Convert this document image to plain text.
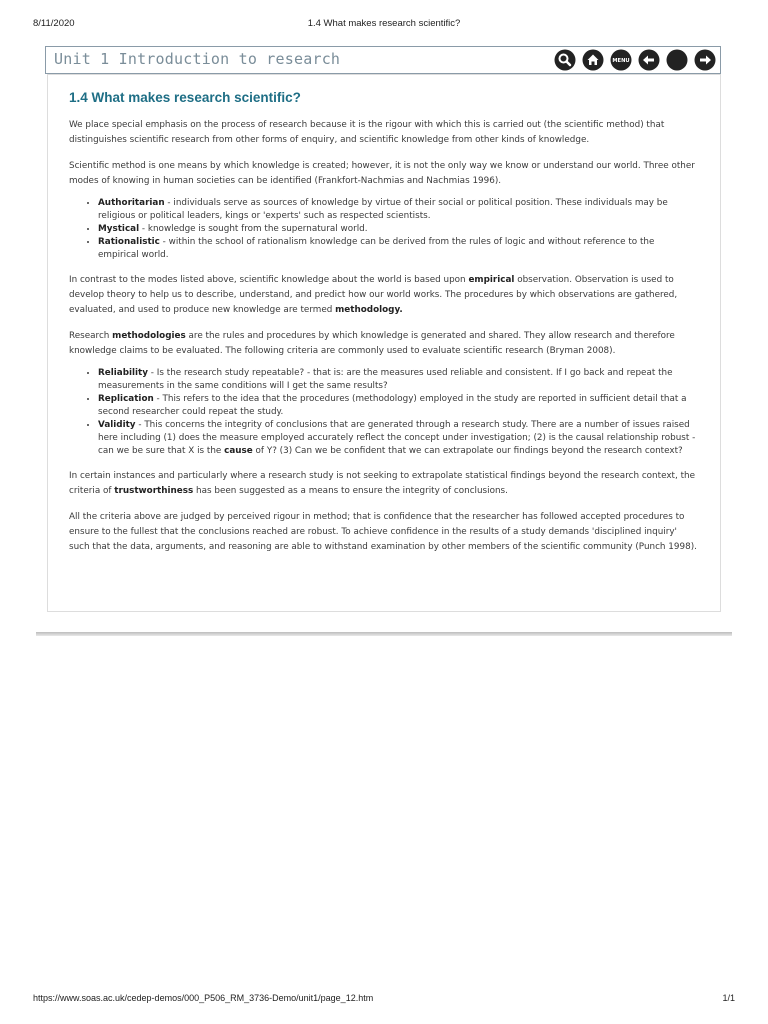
8/11/2020	1.4 What makes research scientific?
Unit 1 Introduction to research	MENU
1.4 What makes research scientific?

We place special emphasis on the process of research because it is the rigour with which this is carried out (the scientific method) that distinguishes scientific research from other forms of enquiry, and scientific knowledge from other kinds of knowledge.

Scientific method is one means by which knowledge is created; however, it is not the only way we know or understand our world. Three other modes of knowing in human societies can be identified (Frankfort-Nachmias and Nachmias 1996).

• Authoritarian - individuals serve as sources of knowledge by virtue of their social or political position. These individuals may be religious or political leaders, kings or 'experts' such as respected scientists.
• Mystical - knowledge is sought from the supernatural world.
• Rationalistic - within the school of rationalism knowledge can be derived from the rules of logic and without reference to the empirical world.

In contrast to the modes listed above, scientific knowledge about the world is based upon empirical observation. Observation is used to develop theory to help us to describe, understand, and predict how our world works. The procedures by which observations are gathered, evaluated, and used to produce new knowledge are termed methodology.

Research methodologies are the rules and procedures by which knowledge is generated and shared. They allow research and therefore knowledge claims to be evaluated. The following criteria are commonly used to evaluate scientific research (Bryman 2008).

• Reliability - Is the research study repeatable? - that is: are the measures used reliable and consistent. If I go back and repeat the measurements in the same conditions will I get the same results?
• Replication - This refers to the idea that the procedures (methodology) employed in the study are reported in sufficient detail that a second researcher could repeat the study.
• Validity - This concerns the integrity of conclusions that are generated through a research study. There are a number of issues raised here including (1) does the measure employed accurately reflect the concept under investigation; (2) is the causal relationship robust - can we be sure that X is the cause of Y? (3) Can we be confident that we can extrapolate our findings beyond the research context?

In certain instances and particularly where a research study is not seeking to extrapolate statistical findings beyond the research context, the criteria of trustworthiness has been suggested as a means to ensure the integrity of conclusions.

All the criteria above are judged by perceived rigour in method; that is confidence that the researcher has followed accepted procedures to ensure to the fullest that the conclusions reached are robust. To achieve confidence in the results of a study demands 'disciplined inquiry' such that the data, arguments, and reasoning are able to withstand examination by other members of the scientific community (Punch 1998).

https://www.soas.ac.uk/cedep-demos/000_P506_RM_3736-Demo/unit1/page_12.htm	1/1
